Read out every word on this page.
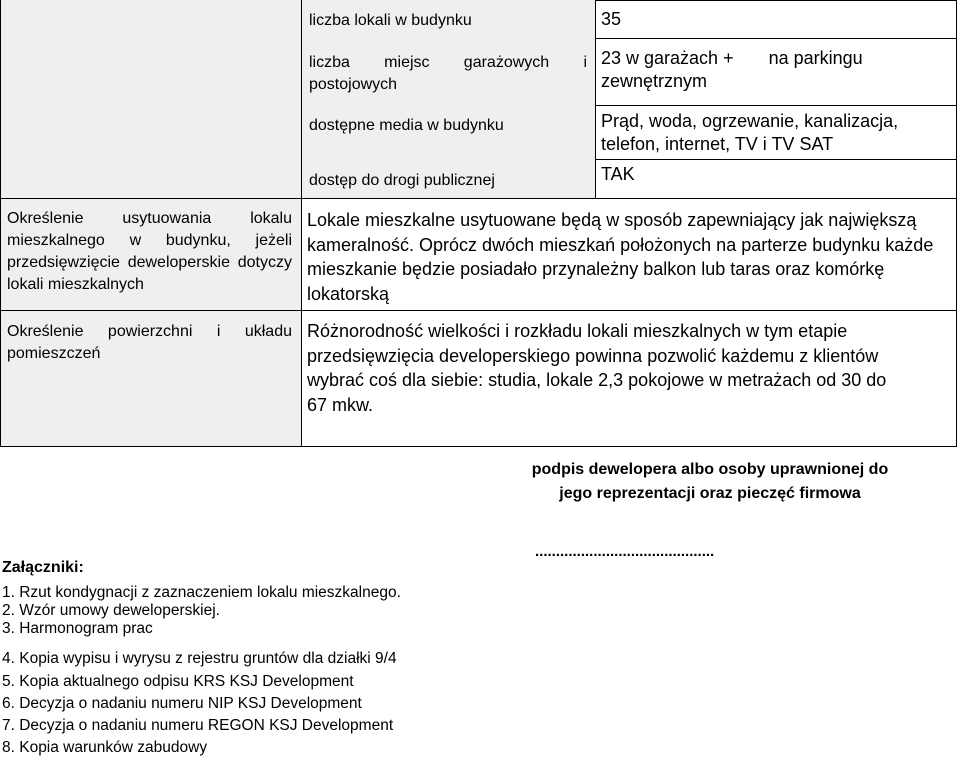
liczba lokali w budynku
liczba miejsc garażowych i postojowych
dostępne media w budynku
dostęp do drogi publicznej
35
23 w garażach +       na parkingu zewnętrznym
Prąd, woda, ogrzewanie, kanalizacja, telefon, internet, TV i TV SAT
TAK
Określenie usytuowania lokalu mieszkalnego w budynku, jeżeli przedsięwzięcie deweloperskie dotyczy lokali mieszkalnych
Lokale mieszkalne usytuowane będą w sposób zapewniający jak największą kameralność. Oprócz dwóch mieszkań położonych na parterze budynku każde mieszkanie będzie posiadało przynależny balkon lub taras oraz komórkę lokatorską
Określenie powierzchni i układu pomieszczeń
Różnorodność wielkości i rozkładu lokali mieszkalnych w tym etapie przedsięwzięcia developerskiego powinna pozwolić każdemu z klientów wybrać coś dla siebie: studia, lokale 2,3 pokojowe w metrażach od 30 do 67 mkw.
podpis dewelopera albo osoby uprawnionej do
jego reprezentacji oraz pieczęć firmowa
...........................................
Załączniki:
1. Rzut kondygnacji z zaznaczeniem lokalu mieszkalnego.
2. Wzór umowy deweloperskiej.
3. Harmonogram prac
4. Kopia wypisu i wyrysu z rejestru gruntów dla działki 9/4
5. Kopia aktualnego odpisu KRS KSJ Development
6. Decyzja o nadaniu numeru NIP KSJ Development
7. Decyzja o nadaniu numeru REGON KSJ Development
8. Kopia warunków zabudowy
